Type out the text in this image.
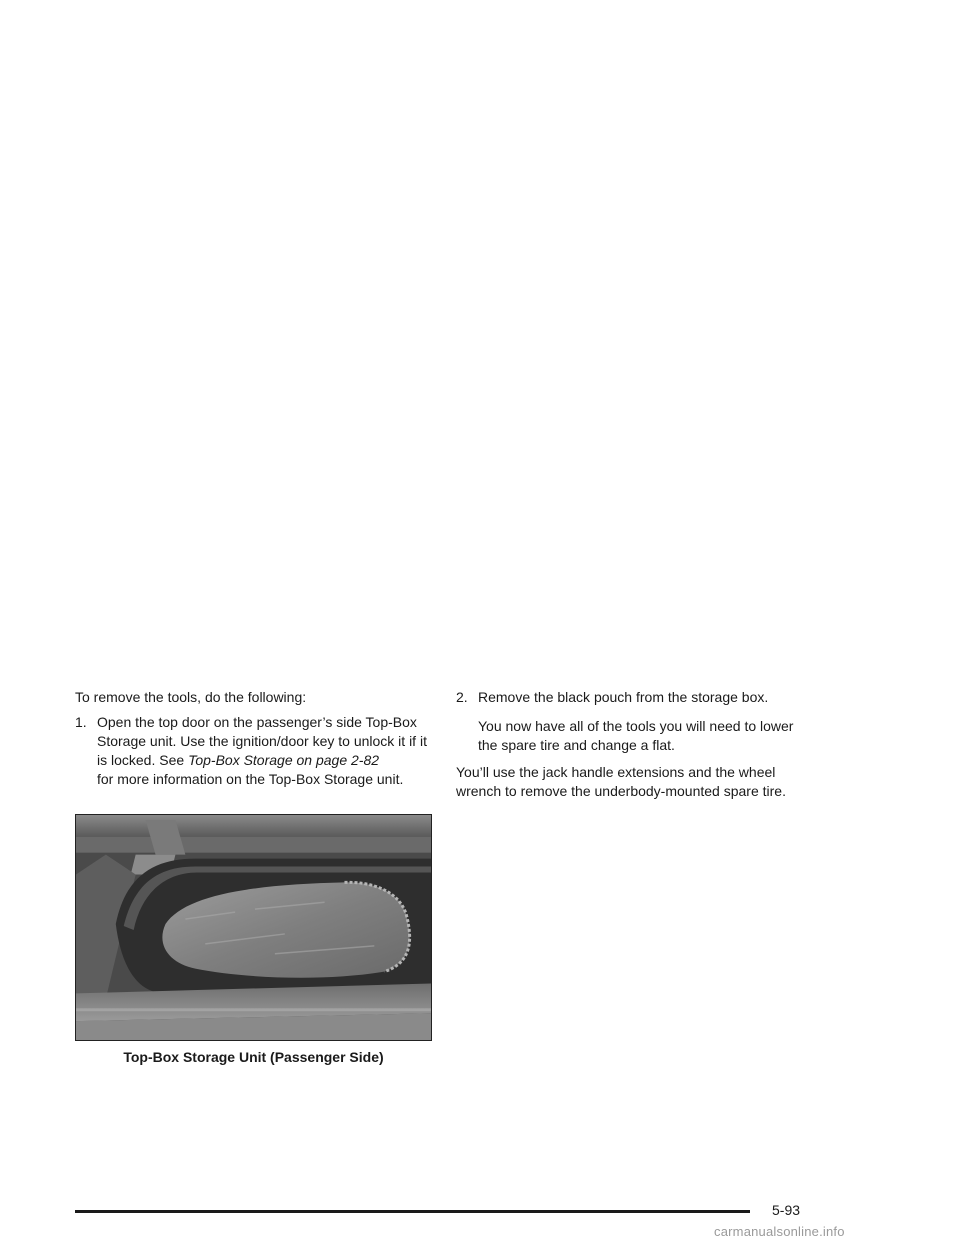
To remove the tools, do the following:

1. Open the top door on the passenger’s side Top-Box Storage unit. Use the ignition/door key to unlock it if it is locked. See Top-Box Storage on page 2-82
for more information on the Top-Box Storage unit.

Top-Box Storage Unit (Passenger Side)

2. Remove the black pouch from the storage box.

You now have all of the tools you will need to lower the spare tire and change a flat.

You’ll use the jack handle extensions and the wheel wrench to remove the underbody-mounted spare tire.

5-93
carmanualsonline.info
